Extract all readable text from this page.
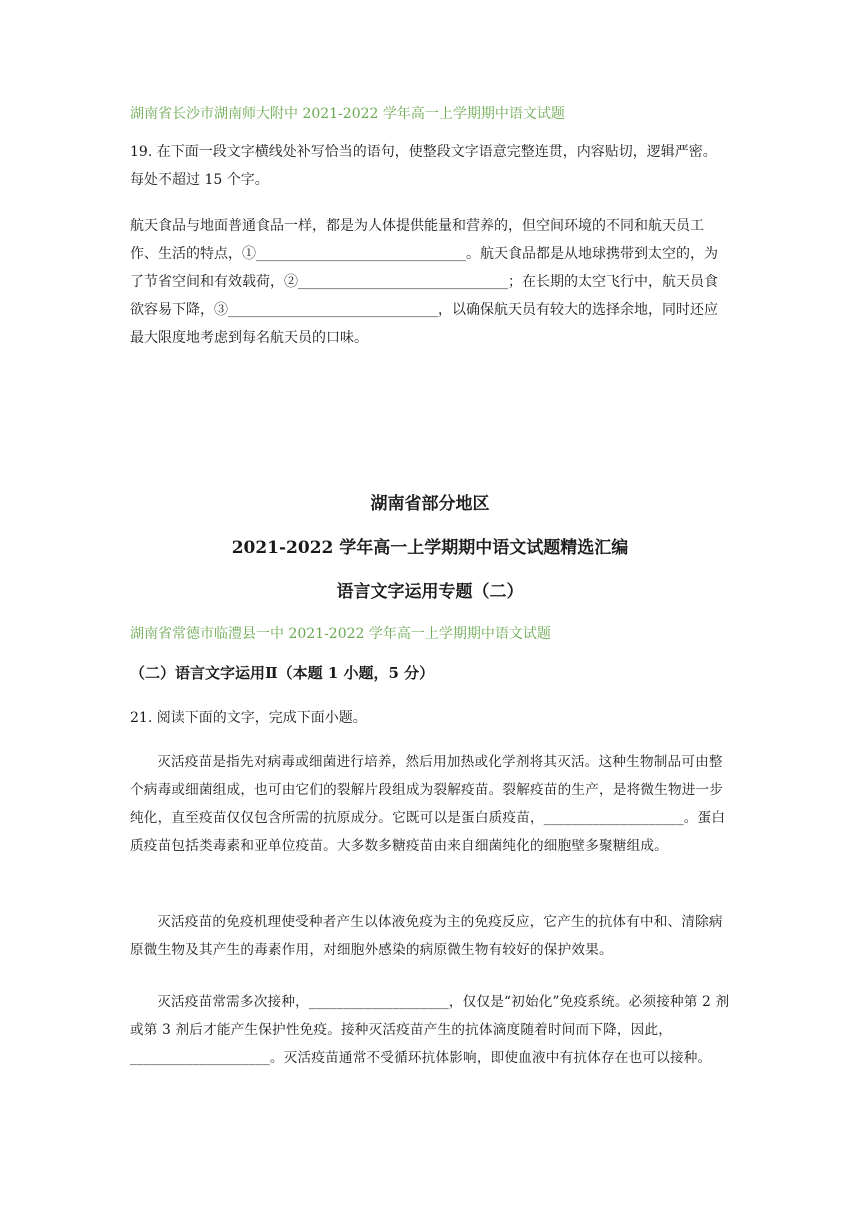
湖南省长沙市湖南师大附中 2021-2022 学年高一上学期期中语文试题
19. 在下面一段文字横线处补写恰当的语句，使整段文字语意完整连贯，内容贴切，逻辑严密。每处不超过 15 个字。
航天食品与地面普通食品一样，都是为人体提供能量和营养的，但空间环境的不同和航天员工作、生活的特点，①______________________________。航天食品都是从地球携带到太空的，为了节省空间和有效载荷，②______________________________；在长期的太空飞行中，航天员食欲容易下降，③______________________________，以确保航天员有较大的选择余地，同时还应最大限度地考虑到每名航天员的口味。
湖南省部分地区
2021-2022 学年高一上学期期中语文试题精选汇编
语言文字运用专题（二）
湖南省常德市临澧县一中 2021-2022 学年高一上学期期中语文试题
（二）语言文字运用Ⅱ（本题 1 小题，5 分）
21. 阅读下面的文字，完成下面小题。
灭活疫苗是指先对病毒或细菌进行培养，然后用加热或化学剂将其灭活。这种生物制品可由整个病毒或细菌组成，也可由它们的裂解片段组成为裂解疫苗。裂解疫苗的生产，是将微生物进一步纯化，直至疫苗仅仅包含所需的抗原成分。它既可以是蛋白质疫苗，____________________。蛋白质疫苗包括类毒素和亚单位疫苗。大多数多糖疫苗由来自细菌纯化的细胞壁多聚糖组成。
灭活疫苗的免疫机理使受种者产生以体液免疫为主的免疫反应，它产生的抗体有中和、清除病原微生物及其产生的毒素作用，对细胞外感染的病原微生物有较好的保护效果。
灭活疫苗常需多次接种，____________________，仅仅是“初始化”免疫系统。必须接种第 2 剂或第 3 剂后才能产生保护性免疫。接种灭活疫苗产生的抗体滴度随着时间而下降，因此，____________________。灭活疫苗通常不受循环抗体影响，即使血液中有抗体存在也可以接种。
